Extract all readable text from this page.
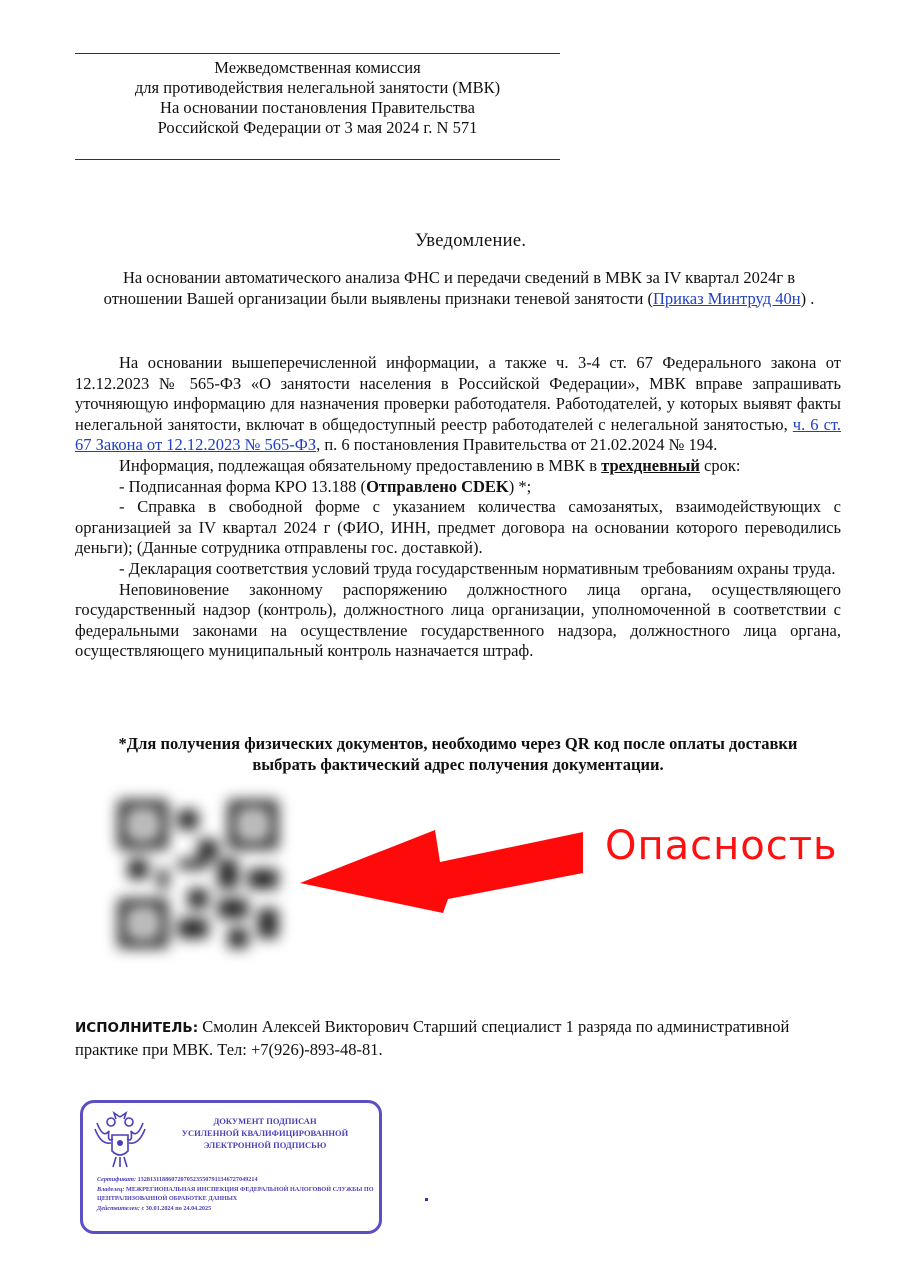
Межведомственная комиссия
для противодействия нелегальной занятости (МВК)
На основании постановления Правительства
Российской Федерации от 3 мая 2024 г. N 571
Уведомление.
На основании автоматического анализа ФНС и передачи сведений в МВК за IV квартал 2024г в отношении Вашей организации были выявлены признаки теневой занятости (Приказ Минтруд 40н) .

На основании вышеперечисленной информации, а также ч. 3-4 ст. 67 Федерального закона от 12.12.2023 № 565-ФЗ «О занятости населения в Российской Федерации», МВК вправе запрашивать уточняющую информацию для назначения проверки работодателя. Работодателей, у которых выявят факты нелегальной занятости, включат в общедоступный реестр работодателей с нелегальной занятостью, ч. 6 ст. 67 Закона от 12.12.2023 № 565-ФЗ, п. 6 постановления Правительства от 21.02.2024 № 194.

Информация, подлежащая обязательному предоставлению в МВК в трехдневный срок:

- Подписанная форма КРО 13.188 (Отправлено CDEK) *;

- Справка в свободной форме с указанием количества самозанятых, взаимодействующих с организацией за IV квартал 2024 г (ФИО, ИНН, предмет договора на основании которого переводились деньги); (Данные сотрудника отправлены гос. доставкой).

- Декларация соответствия условий труда государственным нормативным требованиям охраны труда.

Неповиновение законному распоряжению должностного лица органа, осуществляющего государственный надзор (контроль), должностного лица организации, уполномоченной в соответствии с федеральными законами на осуществление государственного надзора, должностного лица органа, осуществляющего муниципальный контроль назначается штраф.

*Для получения физических документов, необходимо через QR код после оплаты доставки
выбрать фактический адрес получения документации.
Опасность
ИСПОЛНИТЕЛЬ: Смолин Алексей Викторович Старший специалист 1 разряда по административной практике при МВК. Тел: +7(926)-893-48-81.
ДОКУМЕНТ ПОДПИСАН
УСИЛЕННОЙ КВАЛИФИЦИРОВАННОЙ
ЭЛЕКТРОННОЙ ПОДПИСЬЮ
Сертификат: 132813118860720705235507911346727049214
Владелец: МЕЖРЕГИОНАЛЬНАЯ ИНСПЕКЦИЯ ФЕДЕРАЛЬНОЙ НАЛОГОВОЙ СЛУЖБЫ ПО ЦЕНТРАЛИЗОВАННОЙ ОБРАБОТКЕ ДАННЫХ
Действителен: с 30.01.2024 по 24.04.2025
